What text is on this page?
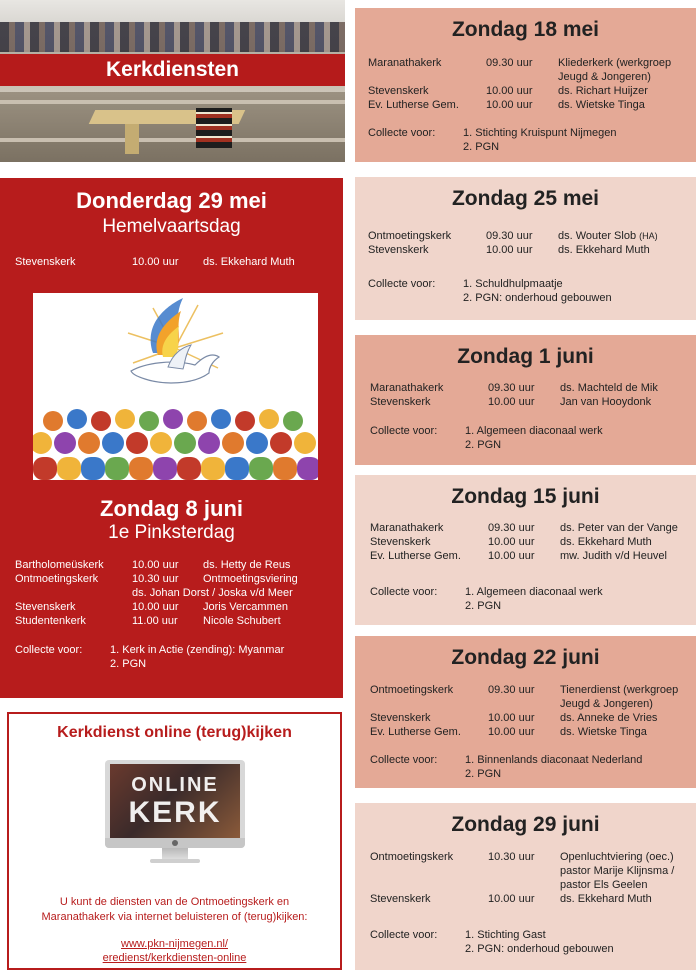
Kerkdiensten
Donderdag 29 mei
Hemelvaartsdag
Stevenskerk	10.00 uur ds. Ekkehard Muth
Zondag 8 juni
1e Pinksterdag
Bartholomeüskerk	10.00 uur ds. Hetty de Reus
Ontmoetingskerk	10.30 uur Ontmoetingsviering
ds. Johan Dorst / Joska v/d Meer
Stevenskerk	10.00 uur Joris Vercammen
Studentenkerk	11.00 uur Nicole Schubert
Collecte voor:	1. Kerk in Actie (zending): Myanmar
2. PGN
Kerkdienst online (terug)kijken
ONLINE
KERK
U kunt de diensten van de Ontmoetingskerk en
Maranathakerk via internet beluisteren of (terug)kijken:
www.pkn-nijmegen.nl/
eredienst/kerkdiensten-online
Zondag 18 mei
Maranathakerk	09.30 uur Kliederkerk (werkgroep
Jeugd & Jongeren)
Stevenskerk	10.00 uur ds. Richart Huijzer
Ev. Lutherse Gem. 10.00 uur ds. Wietske Tinga
Collecte voor:	1. Stichting Kruispunt Nijmegen
2. PGN
Zondag 25 mei
Ontmoetingskerk	09.30 uur ds. Wouter Slob (HA)
Stevenskerk	10.00 uur ds. Ekkehard Muth
Collecte voor:	1. Schuldhulpmaatje
2. PGN: onderhoud gebouwen
Zondag 1 juni
Maranathakerk	09.30 uur ds. Machteld de Mik
Stevenskerk	10.00 uur Jan van Hooydonk
Collecte voor:	1. Algemeen diaconaal werk
2. PGN
Zondag 15 juni
Maranathakerk	09.30 uur ds. Peter van der Vange
Stevenskerk	10.00 uur ds. Ekkehard Muth
Ev. Lutherse Gem. 10.00 uur mw. Judith v/d Heuvel
Collecte voor:	1. Algemeen diaconaal werk
2. PGN
Zondag 22 juni
Ontmoetingskerk	09.30 uur Tienerdienst (werkgroep
Jeugd & Jongeren)
Stevenskerk	10.00 uur ds. Anneke de Vries
Ev. Lutherse Gem. 10.00 uur ds. Wietske Tinga
Collecte voor:	1. Binnenlands diaconaat Nederland
2. PGN
Zondag 29 juni
Ontmoetingskerk	10.30 uur Openluchtviering (oec.)
pastor Marije Klijnsma /
pastor Els Geelen
Stevenskerk	10.00 uur ds. Ekkehard Muth
Collecte voor:	1. Stichting Gast
2. PGN: onderhoud gebouwen
